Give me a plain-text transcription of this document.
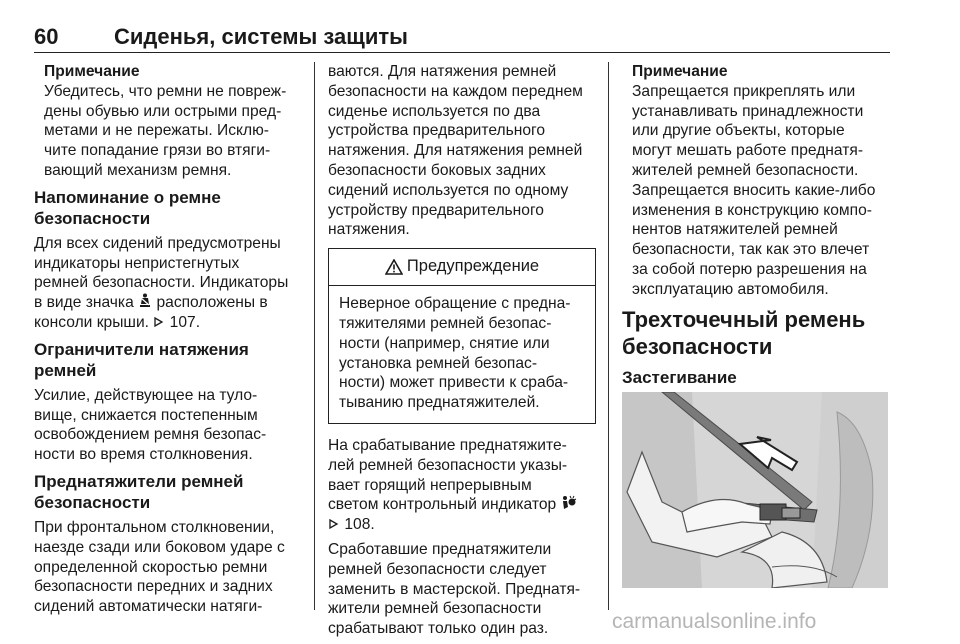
60	Сиденья, системы защиты
Примечание
Убедитесь, что ремни не повреж-
дены обувью или острыми пред-
метами и не пережаты. Исклю-
чите попадание грязи во втяги-
вающий механизм ремня.
Напоминание о ремне
безопасности

Для всех сидений предусмотрены
индикаторы непристегнутых
ремней безопасности. Индикаторы
в виде значка расположены в
консоли крыши. 107.

Ограничители натяжения
ремней

Усилие, действующее на туло-
вище, снижается постепенным
освобождением ремня безопас-
ности во время столкновения.

Преднатяжители ремней
безопасности

При фронтальном столкновении,
наезде сзади или боковом ударе с
определенной скоростью ремни
безопасности передних и задних
сидений автоматически натяги-

ваются. Для натяжения ремней
безопасности на каждом переднем
сиденье используется по два
устройства предварительного
натяжения. Для натяжения ремней
безопасности боковых задних
сидений используется по одному
устройству предварительного
натяжения.

Предупреждение
Неверное обращение с предна-
тяжителями ремней безопас-
ности (например, снятие или
установка ремней безопас-
ности) может привести к сраба-
тыванию преднатяжителей.

На срабатывание преднатяжите-
лей ремней безопасности указы-
вает горящий непрерывным
светом контрольный индикатор
108.

Сработавшие преднатяжители
ремней безопасности следует
заменить в мастерской. Преднатя-
жители ремней безопасности
срабатывают только один раз.

Примечание
Запрещается прикреплять или
устанавливать принадлежности
или другие объекты, которые
могут мешать работе преднатя-
жителей ремней безопасности.
Запрещается вносить какие-либо
изменения в конструкцию компо-
нентов натяжителей ремней
безопасности, так как это влечет
за собой потерю разрешения на
эксплуатацию автомобиля.
Трехточечный ремень
безопасности
Застегивание
carmanualsonline.info
